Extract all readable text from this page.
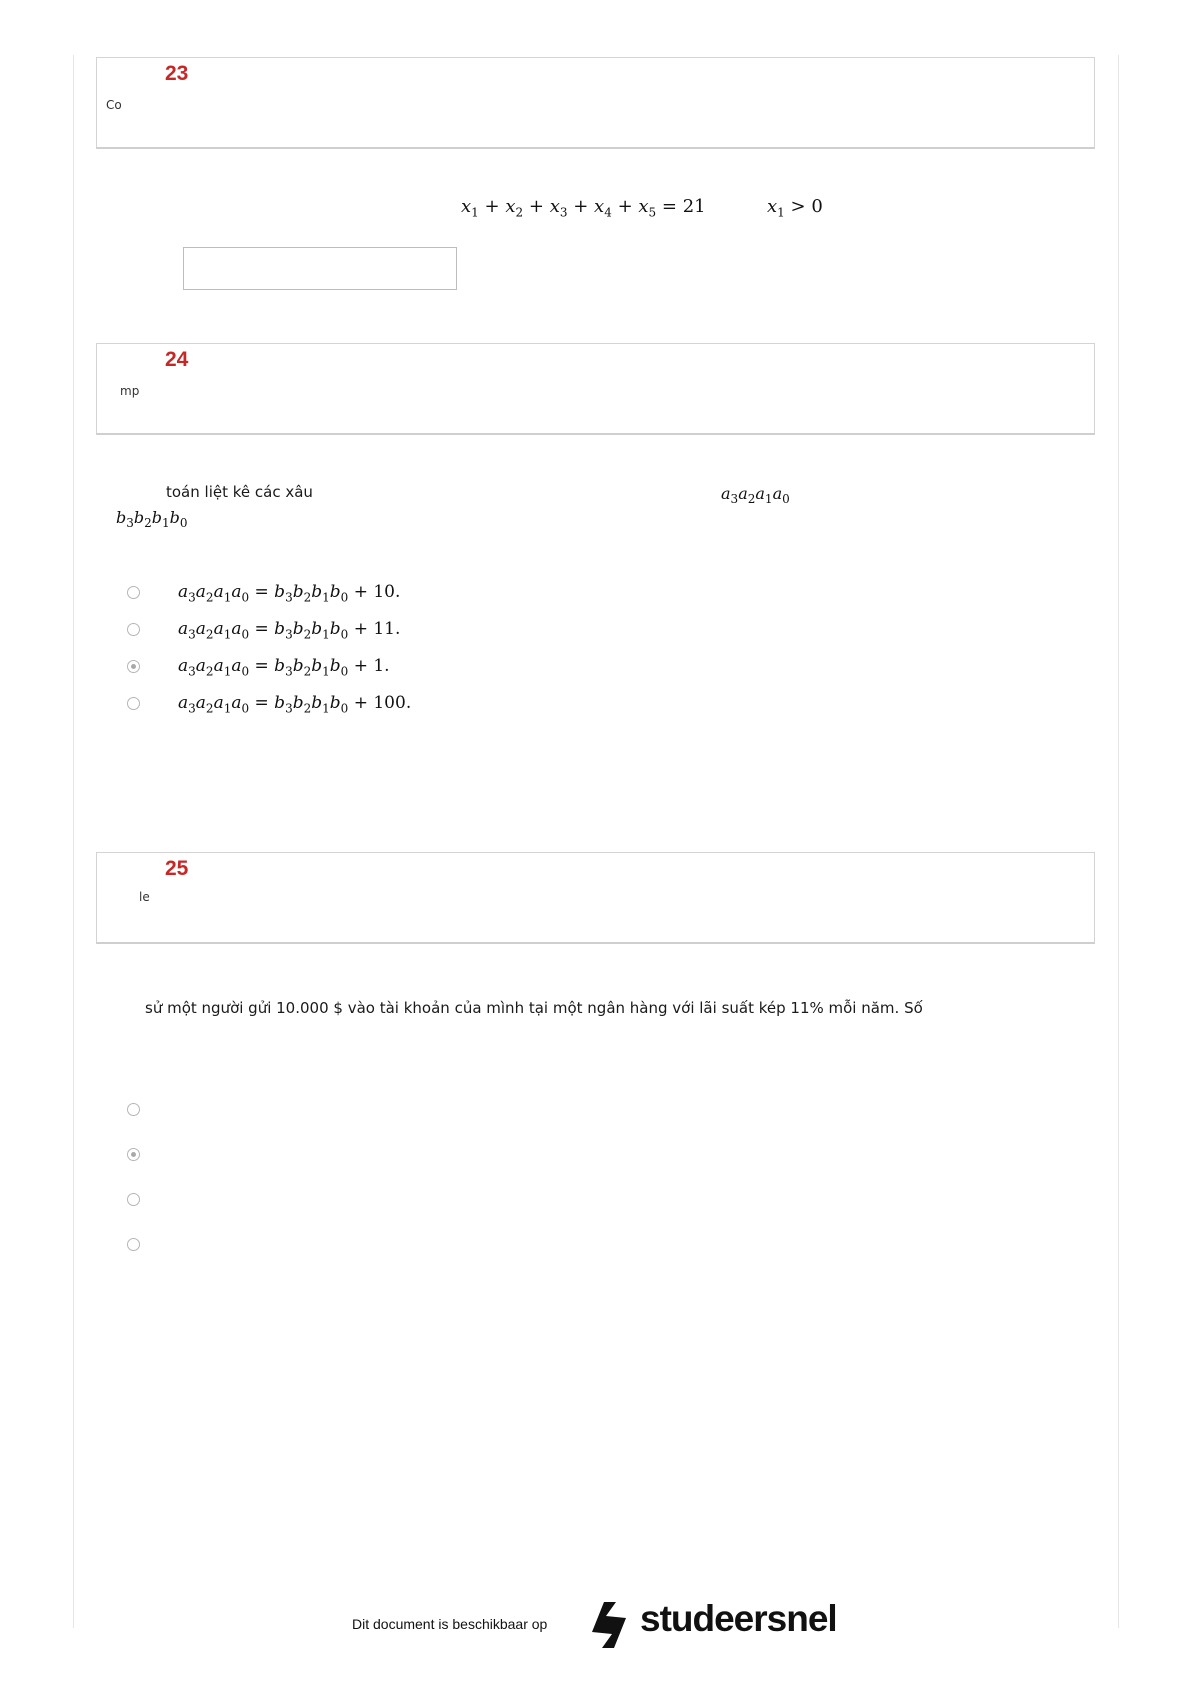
23
Co
$x_1 + x_2 + x_3 + x_4 + x_5 = 21$	$x_1 > 0$
24
mp
toán liệt kê các xâu	$a_3a_2a_1a_0$
$b_3b_2b_1b_0$
$a_3a_2a_1a_0 = b_3b_2b_1b_0 + 10$.
$a_3a_2a_1a_0 = b_3b_2b_1b_0 + 11$.
$a_3a_2a_1a_0 = b_3b_2b_1b_0 + 1$.
$a_3a_2a_1a_0 = b_3b_2b_1b_0 + 100$.
25
le
sử một người gửi 10.000 $ vào tài khoản của mình tại một ngân hàng với lãi suất kép 11% mỗi năm. Số
Dit document is beschikbaar op	studeersnel
